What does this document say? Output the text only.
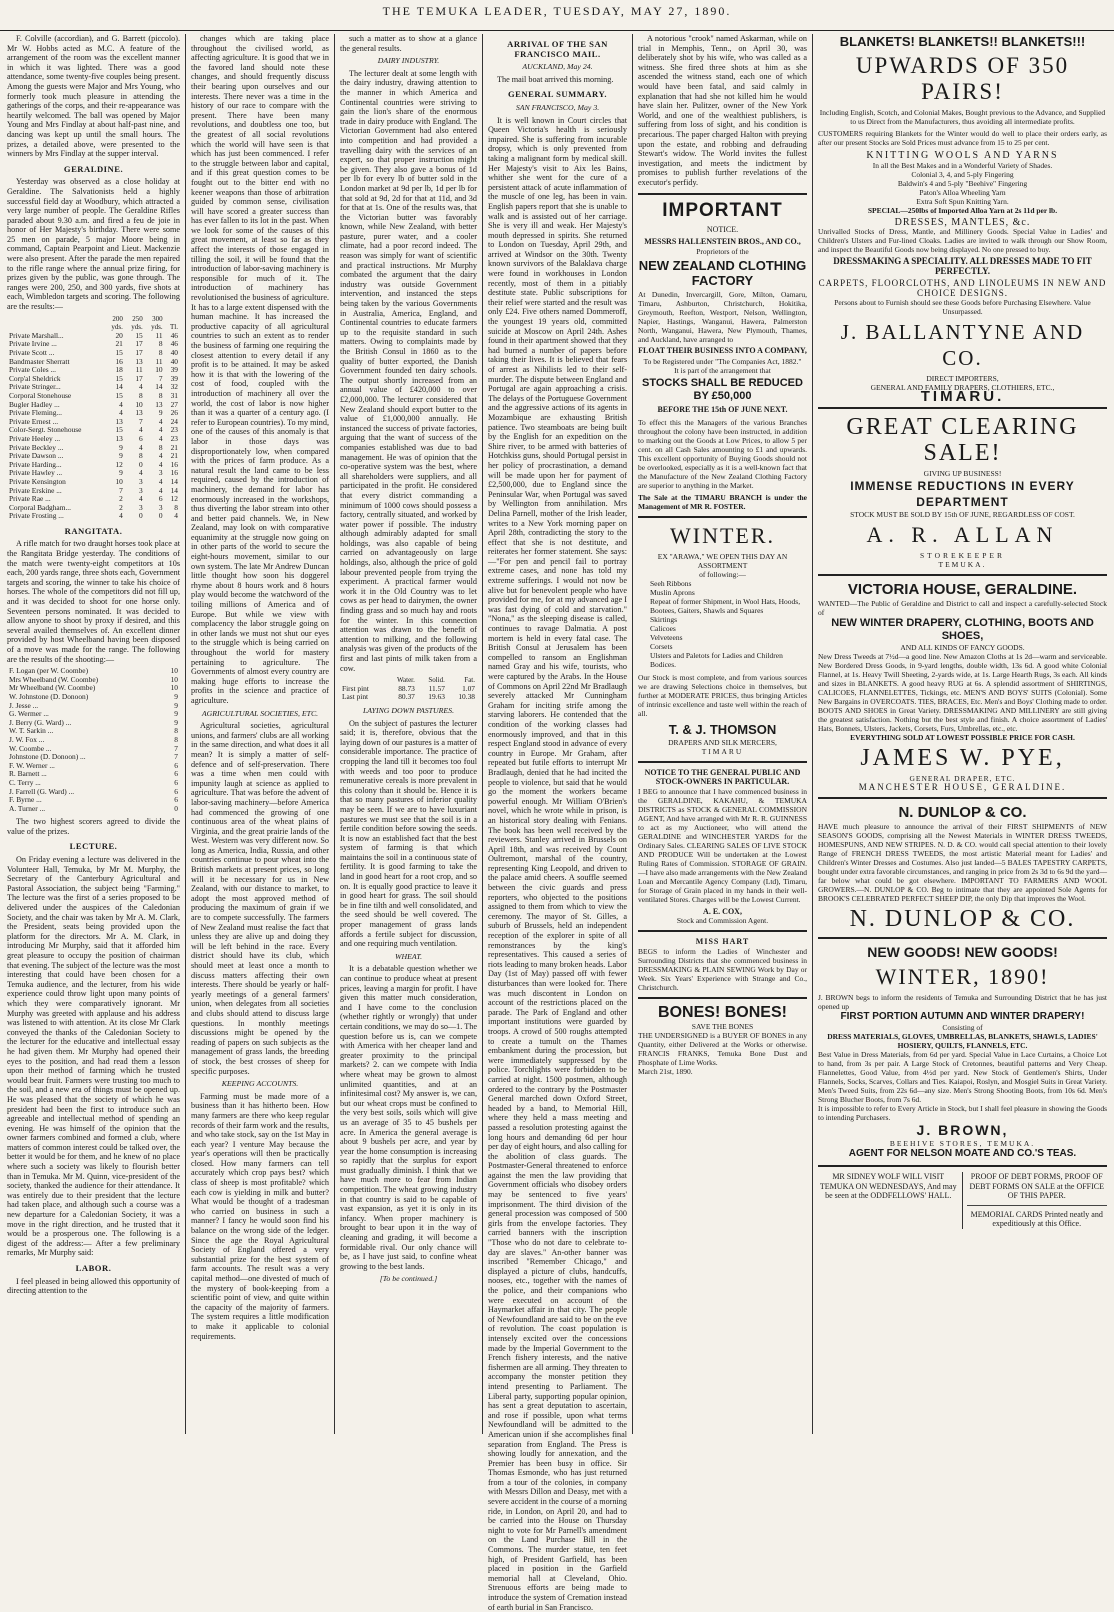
THE TEMUKA LEADER, TUESDAY, MAY 27, 1890.

F. Colville (accordian), and G. Barrett (piccolo). Mr W. Hobbs acted as M.C. A feature of the arrangement of the room was the excellent manner in which it was lighted. There was a good attendance, some twenty-five couples being present. Among the guests were Major and Mrs Young, who formerly took much pleasure in attending the gatherings of the corps, and their re-appearance was heartily welcomed. The ball was opened by Major Young and Mrs Findlay at about half-past nine, and dancing was kept up until the small hours. The prizes, a detailed above, were presented to the winners by Mrs Findlay at the supper interval.

GERALDINE.

Yesterday was observed as a close holiday at Geraldine. The Salvationists held a highly successful field day at Woodbury, which attracted a very large number of people. The Geraldine Rifles paraded about 9.30 a.m. and fired a feu de joie in honor of Her Majesty's birthday. There were some 25 men on parade, 5 major Moore being in command, Captain Pearpoint and Lieut. Mackenzie were also present. After the parade the men repaired to the rifle range where the annual prize firing, for prizes given by the public, was gone through. The ranges were 200, 250, and 300 yards, five shots at each, Wimbledon targets and scoring. The following are the results:—

	200	250	300	
	yds.	yds.	yds.	Tl.
Private Marshall...	20	15	11	46
Private Irvine ...	21	17	8	46
Private Scott ...	15	17	8	40
Bandmaster Sherratt	16	13	11	40
Private Coles ...	18	11	10	39
Corp'al Sheldrick	15	17	7	39
Private Stringer...	14	4	14	32
Corporal Stonehouse	15	8	8	31
Bugler Hadley ...	4	10	13	27
Private Fleming...	4	13	9	26
Private Ernest ...	13	7	4	24
Color-Sergt. Stonehouse	15	4	4	23
Private Heeley ...	13	6	4	23
Private Beckley ...	9	4	8	21
Private Dawson ...	9	8	4	21
Private Harding...	12	0	4	16
Private Hawley ...	9	4	3	16
Private Kensington	10	3	4	14
Private Erskine ...	7	3	4	14
Private Rae ...	2	4	6	12
Corporal Badgham...	2	3	3	8
Private Frosting ...	4	0	0	4
RANGITATA.

A rifle match for two draught horses took place at the Rangitata Bridge yesterday. The conditions of the match were twenty-eight competitors at 10s each, 200 yards range, three shots each, Government targets and scoring, the winner to take his choice of horses. The whole of the competitors did not fill up, and it was decided to shoot for one horse only. Seventeen persons nominated. It was decided to allow anyone to shoot by proxy if desired, and this several availed themselves of. An excellent dinner provided by host Wheelband having been disposed of a move was made for the range. The following are the results of the shooting:—

F. Logan (per W. Coombe)	10
Mrs Wheelband (W. Coombe)	10
Mr Wheelband (W. Coombe)	10
W. Johnstone (D. Donoon)	9
J. Jesse ...	9
G. Wermer ...	9
J. Berry (G. Ward) ...	9
W. T. Sarkin ...	8
J. W. Fox ...	8
W. Coombe ...	7
Johnstone (D. Donoon) ...	7
F. W. Werner ...	6
R. Barnett ...	6
C. Terry ...	6
J. Farrell (G. Ward) ...	6
F. Byrne ...	6
A. Turner ...	0

The two highest scorers agreed to divide the value of the prizes.

LECTURE.

On Friday evening a lecture was delivered in the Volunteer Hall, Temuka, by Mr M. Murphy, the Secretary of the Canterbury Agricultural and Pastoral Association, the subject being "Farming." The lecture was the first of a series proposed to be delivered under the auspices of the Caledonian Society, and the chair was taken by Mr A. M. Clark, the President, seats being provided upon the platform for the directors. Mr A. M. Clark, in introducing Mr Murphy, said that it afforded him great pleasure to occupy the position of chairman that evening. The subject of the lecture was the most interesting that could have been chosen for a Temuka audience, and the lecturer, from his wide experience could throw light upon many points of which they were comparatively ignorant. Mr Murphy was greeted with applause and his address was listened to with attention. At its close Mr Clark conveyed the thanks of the Caledonian Society to the lecturer for the educative and intellectual essay he had given them. Mr Murphy had opened their eyes to the position, and had read them a lesson upon their method of farming which he trusted would bear fruit. Farmers were trusting too much to the soil, and a new era of things must be opened up. He was pleased that the society of which he was president had been the first to introduce such an agreeable and intellectual method of spending an evening. He was himself of the opinion that the owner farmers combined and formed a club, where matters of common interest could be talked over, the better it would be for them, and he knew of no place where such a society was likely to flourish better than in Temuka. Mr M. Quinn, vice-president of the society, thanked the audience for their attendance. It was entirely due to their president that the lecture had taken place, and although such a course was a new departure for a Caledonian Society, it was a move in the right direction, and he trusted that it would be a prosperous one. The following is a digest of the address:— After a few preliminary remarks, Mr Murphy said:

LABOR.

I feel pleased in being allowed this opportunity of directing attention to the

changes which are taking place throughout the civilised world, as affecting agriculture. It is good that we in the favored land should note these changes, and should frequently discuss their bearing upon ourselves and our interests. There never was a time in the history of our race to compare with the present. There have been many revolutions, and doubtless one too, but the greatest of all social revolutions which the world will have seen is that which has just been commenced. I refer to the struggle between labor and capital, and if this great question comes to be fought out to the bitter end with no keener weapons than those of arbitration guided by common sense, civilisation will have scored a greater success than has ever fallen to its lot in the past. When we look for some of the causes of this great movement, at least so far as they affect the interests of those engaged in tilling the soil, it will be found that the introduction of labor-saving machinery is responsible for much of it. The introduction of machinery has revolutionised the business of agriculture. It has to a large extent dispensed with the human machine. It has increased the productive capacity of all agricultural countries to such an extent as to render the business of farming one requiring the closest attention to every detail if any profit is to be attained. It may be asked how it is that with the lowering of the cost of food, coupled with the introduction of machinery all over the world, the cost of labor is now higher than it was a quarter of a century ago. (I refer to European countries). To my mind, one of the causes of this anomaly is that labor in those days was disproportionately low, when compared with the prices of farm produce. As a natural result the land came to be less required, caused by the introduction of machinery, the demand for labor has enormously increased in the workshops, thus diverting the labor stream into other and better paid channels. We, in New Zealand, may look on with comparative equanimity at the struggle now going on in other parts of the world to secure the eight-hours movement, similar to our own system. The late Mr Andrew Duncan little thought how soon his doggerel rhyme about 8 hours work and 8 hours play would become the watchword of the toiling millions of America and of Europe. But while we view with complacency the labor struggle going on in other lands we must not shut our eyes to the struggle which is being carried on throughout the world for mastery pertaining to agriculture. The Governments of almost every country are making huge efforts to increase the profits in the science and practice of agriculture.

AGRICULTURAL SOCIETIES, ETC.

Agricultural societies, agricultural unions, and farmers' clubs are all working in the same direction, and what does it all mean? It is simply a matter of self-defence and of self-preservation. There was a time when men could with impunity laugh at science as applied to agriculture. That was before the advent of labor-saving machinery—before America had commenced the growing of one continuous area of the wheat plains of Virginia, and the great prairie lands of the West. Western was very different now. So long as America, India, Russia, and other countries continue to pour wheat into the British markets at present prices, so long will it be necessary for us in New Zealand, with our distance to market, to adopt the most approved method of producing the maximum of grain if we are to compete successfully. The farmers of New Zealand must realise the fact that unless they are alive up and doing they will be left behind in the race. Every district should have its club, which should meet at least once a month to discuss matters affecting their own interests. There should be yearly or half-yearly meetings of a general farmers' union, when delegates from all societies and clubs should attend to discuss large questions. In monthly meetings discussions might be opened by the reading of papers on such subjects as the management of grass lands, the breeding of stock, the best crosses of sheep for specific purposes.

KEEPING ACCOUNTS.

Farming must be made more of a business than it has hitherto been. How many farmers are there who keep regular records of their farm work and the results, and who take stock, say on the 1st May in each year? I venture May because the year's operations will then be practically closed. How many farmers can tell accurately which crop pays best? which class of sheep is most profitable? which each cow is yielding in milk and butter? What would be thought of a tradesman who carried on business in such a manner? I fancy he would soon find his balance on the wrong side of the ledger. Since the age the Royal Agricultural Society of England offered a very substantial prize for the best system of farm accounts. The result was a very capital method—one divested of much of the mystery of book-keeping from a scientific point of view, and quite within the capacity of the majority of farmers. The system requires a little modification to make it applicable to colonial requirements.

such a matter as to show at a glance the general results.

DAIRY INDUSTRY.

The lecturer dealt at some length with the dairy industry, drawing attention to the manner in which America and Continental countries were striving to gain the lion's share of the enormous trade in dairy produce with England. The Victorian Government had also entered into competition and had provided a travelling dairy with the services of an expert, so that proper instruction might be given. They also gave a bonus of 1d per lb for every lb of butter sold in the London market at 9d per lb, 1d per lb for that sold at 9d, 2d for that at 11d, and 3d for that at 1s. One of the results was, that the Victorian butter was favorably known, while New Zealand, with better pasture, purer water, and a cooler climate, had a poor record indeed. The reason was simply for want of scientific and practical instructions. Mr Murphy combated the argument that the dairy industry was outside Government intervention, and instanced the steps being taken by the various Governments in Australia, America, England, and Continental countries to educate farmers up to the requisite standard in such matters. Owing to complaints made by the British Consul in 1860 as to the quality of butter exported, the Danish Government founded ten dairy schools. The output shortly increased from an annual value of £420,000 to over £2,000,000. The lecturer considered that New Zealand should export butter to the value of £1,000,000 annually. He instanced the success of private factories, arguing that the want of success of the companies established was due to bad management. He was of opinion that the co-operative system was the best, where all shareholders were suppliers, and all participated in the profit. He considered that every district commanding a minimum of 1000 cows should possess a factory, centrally situated, and worked by water power if possible. The industry although admirably adapted for small holdings, was also capable of being carried on advantageously on large holdings, also, although the price of gold labour prevented people from trying the experiment. A practical farmer would work it in the Old Country was to let cows as per head to dairymen, the owner finding grass and so much hay and roots for the winter. In this connection attention was drawn to the benefit of attention to milking, and the following analysis was given of the products of the first and last pints of milk taken from a cow.

	Water.	Solid.	Fat.
First pint	88.73	11.57	1.07
Last pint	80.37	19.63	10.38
LAYING DOWN PASTURES.

On the subject of pastures the lecturer said; it is, therefore, obvious that the laying down of our pastures is a matter of considerable importance. The practice of cropping the land till it becomes too foul with weeds and too poor to produce remunerative cereals is more prevalent in this colony than it should be. Hence it is that so many pastures of inferior quality may be seen. If we are to have luxuriant pastures we must see that the soil is in a fertile condition before sowing the seeds. It is now an established fact that the best system of farming is that which maintains the soil in a continuous state of fertility. It is good farming to take the land in good heart for a root crop, and so on. It is equally good practice to leave it in good heart for grass. The soil should be in fine tilth and well consolidated, and the seed should be well covered. The proper management of grass lands affords a fertile subject for discussion, and one requiring much ventilation.

WHEAT.

It is a debatable question whether we can continue to produce wheat at present prices, leaving a margin for profit. I have given this matter much consideration, and I have come to the conclusion (whether rightly or wrongly) that under certain conditions, we may do so—1. The question before us is, can we compete with America with her cheaper land and greater proximity to the principal markets? 2. can we compete with India where wheat may be grown to almost unlimited quantities, and at an infinitesimal cost? My answer is, we can, but our wheat crops must be confined to the very best soils, soils which will give us an average of 35 to 45 bushels per acre. In America the general average is about 9 bushels per acre, and year by year the home consumption is increasing so rapidly that the surplus for export must gradually diminish. I think that we have much more to fear from Indian competition. The wheat growing industry in that country is said to be capable of vast expansion, as yet it is only in its infancy. When proper machinery is brought to bear upon it in the way of cleaning and grading, it will become a formidable rival. Our only chance will be, as I have just said, to confine wheat growing to the best lands.

[To be continued.]
ARRIVAL OF THE SAN FRANCISCO MAIL.
AUCKLAND, May 24.

The mail boat arrived this morning.

GENERAL SUMMARY.
SAN FRANCISCO, May 3.

It is well known in Court circles that Queen Victoria's health is seriously impaired. She is suffering from incurable dropsy, which is only prevented from taking a malignant form by medical skill. Her Majesty's visit to Aix les Bains, whither she went for the cure of a persistent attack of acute inflammation of the muscle of one leg, has been in vain. English papers report that she is unable to walk and is assisted out of her carriage. She is very ill and weak. Her Majesty's mouth depressed in spirits. She returned to London on Tuesday, April 29th, and arrived at Windsor on the 30th. Twenty known survivors of the Balaklava charge were found in workhouses in London recently, most of them in a pitiably destitute state. Public subscriptions for their relief were started and the result was only £24. Five others named Dommeroff, the youngest 19 years old, committed suicide at Moscow on April 24th. Ashes found in their apartment showed that they had burned a number of papers before taking their lives. It is believed that fears of arrest as Nihilists led to their self-murder. The dispute between England and Portugal are again approaching a crisis. The delays of the Portuguese Government and the aggressive actions of its agents in Mozambique are exhausting British patience. Two steamboats are being built by the English for an expedition on the Shire river, to be armed with batteries of Hotchkiss guns, should Portugal persist in her policy of procrastination, a demand will be made upon her for payment of £2,500,000, due to England since the Peninsular War, when Portugal was saved by Wellington from annihilation. Mrs Delina Parnell, mother of the Irish leader, writes to a New York morning paper on April 28th, contradicting the story to the effect that she is not destitute, and reiterates her former statement. She says:—"For pen and pencil fail to portray extreme cases, and none has told my extreme sufferings. I would not now be alive but for benevolent people who have provided for me, for at my advanced age I was fast dying of cold and starvation." "Nona," as the sleeping disease is called, continues to ravage Dalmatia. A post mortem is held in every fatal case. The British Consul at Jerusalem has been compelled to ransom an Englishman named Gray and his wife, tourists, who were captured by the Arabs. In the House of Commons on April 22nd Mr Bradlaugh severely attacked Mr Cunningham Graham for inciting strife among the starving laborers. He contended that the condition of the working classes had enormously improved, and that in this respect England stood in advance of every country in Europe. Mr Graham, after repeated but futile efforts to interrupt Mr Bradlaugh, denied that he had incited the people to violence, but said that he would go the moment the workers became powerful enough. Mr William O'Brien's novel, which he wrote while in prison, is an historical story dealing with Fenians. The book has been well received by the reviewers. Stanley arrived in Brussels on April 18th, and was received by Count Oultremont, marshal of the country, representing King Leopold, and driven to the palace amid cheers. A souffle seemed between the civic guards and press reporters, who objected to the positions assigned to them from which to view the ceremony. The mayor of St. Gilles, a suburb of Brussels, held an independent reception of the explorer in spite of all remonstrances by the king's representatives. This caused a series of riots leading to many broken heads. Labor Day (1st of May) passed off with fewer disturbances than were looked for. There was much discontent in London on account of the restrictions placed on the parade. The Park of England and other important institutions were guarded by troops. A crowd of 500 roughs attempted to create a tumult on the Thames embankment during the procession, but were immediately suppressed by the police. Torchlights were forbidden to be carried at night. 1500 postmen, although ordered to the contrary by the Postmaster General marched down Oxford Street, headed by a band, to Memorial Hill, where they held a mass meeting and passed a resolution protesting against the long hours and demanding 6d per hour per day of eight hours, and also calling for the abolition of class guards. The Postmaster-General threatened to enforce against the men the law providing that Government officials who disobey orders may be sentenced to five years' imprisonment. The third division of the general procession was composed of 500 girls from the envelope factories. They carried banners with the inscription "Those who do not dare to celebrate to-day are slaves." An-other banner was inscribed "Remember Chicago," and displayed a picture of clubs, handcuffs, nooses, etc., together with the names of the police, and their companions who were executed on account of the Haymarket affair in that city. The people of Newfoundland are said to be on the eve of revolution. The coast population is intensely excited over the concessions made by the Imperial Government to the French fishery interests, and the native fishermen are all arming. They threaten to accompany the monster petition they intend presenting to Parliament. The Liberal party, supporting popular opinion, has sent a great deputation to ascertain, and rose if possible, upon what terms Newfoundland will be admitted to the American union if she accomplishes final separation from England. The Press is showing loudly for annexation, and the Premier has been busy in office. Sir Thomas Esmonde, who has just returned from a tour of the colonies, in company with Messrs Dillon and Deasy, met with a severe accident in the course of a morning ride, in London, on April 20, and had to be carried into the House on Thursday night to vote for Mr Parnell's amendment on the Land Purchase Bill in the Commons. The murder statue, ten feet high, of President Garfield, has been placed in position in the Garfield memorial hall at Cleveland, Ohio. Strenuous efforts are being made to introduce the system of Cremation instead of earth burial in San Francisco.

A notorious "crook" named Askarman, while on trial in Memphis, Tenn., on April 30, was deliberately shot by his wife, who was called as a witness. She fired three shots at him as she ascended the witness stand, each one of which would have been fatal, and said calmly in explanation that had she not killed him he would have slain her. Pulitzer, owner of the New York World, and one of the wealthiest publishers, is suffering from loss of sight, and his condition is precarious. The paper charged Halton with preying upon the estate, and robbing and defrauding Stewart's widow. The World invites the fullest investigation, and meets the indictment by promises to publish further revelations of the executor's perfidy.

IMPORTANT
NOTICE.
MESSRS HALLENSTEIN BROS., AND CO.,
Proprietors of the
NEW ZEALAND CLOTHING FACTORY
At Dunedin, Invercargill, Gore, Milton, Oamaru, Timaru, Ashburton, Christchurch, Hokitika, Greymouth, Reefton, Westport, Nelson, Wellington, Napier, Hastings, Wanganui, Hawera, Palmerston North, Wanganui, Hawera, New Plymouth, Thames, and Auckland, have arranged to
FLOAT THEIR BUSINESS INTO A COMPANY,
To be Registered under "The Companies Act, 1882."
It is part of the arrangement that
STOCKS SHALL BE REDUCED BY £50,000
BEFORE THE 15th OF JUNE NEXT.
To effect this the Managers of the various Branches throughout the colony have been instructed, in addition to marking out the Goods at Low Prices, to allow 5 per cent. on all Cash Sales amounting to £1 and upwards. This excellent opportunity of Buying Goods should not be overlooked, especially as it is a well-known fact that the Manufacture of the New Zealand Clothing Factory are superior to anything in the Market.
The Sale at the TIMARU BRANCH is under the Management of MR R. FOSTER.
WINTER.
EX "ARAWA," WE OPEN THIS DAY AN ASSORTMENT
of following:—
Seeh Ribbons
Muslin Aprons
Repeat of former Shipment, in Wool Hats, Hoods, Bootees, Gaiters, Shawls and Squares
Skirtings
Calicoes
Velveteens
Corsets
Ulsters and Paletots for Ladies and Children
Bodices.
Our Stock is most complete, and from various sources we are drawing Selections choice in themselves, but further at MODERATE PRICES, thus bringing Articles of intrinsic excellence and taste well within the reach of all.
T. & J. THOMSON
DRAPERS AND SILK MERCERS,
TIMARU
NOTICE TO THE GENERAL PUBLIC AND STOCK-OWNERS IN PARTICULAR.
I BEG to announce that I have commenced business in the GERALDINE, KAKAHU, & TEMUKA DISTRICTS as STOCK & GENERAL COMMISSION AGENT, And have arranged with Mr R. R. GUINNESS to act as my Auctioneer, who will attend the GERALDINE and WINCHESTER YARDS for the Ordinary Sales. CLEARING SALES OF LIVE STOCK AND PRODUCE Will be undertaken at the Lowest Ruling Rates of Commission. STORAGE OF GRAIN.—I have also made arrangements with the New Zealand Loan and Mercantile Agency Company (Ltd), Timaru, for Storage of Grain placed in my hands in their well-ventilated Stores. Charges will be the Lowest Current.
A. E. COX,
Stock and Commission Agent.
MISS HART
BEGS to inform the Ladies of Winchester and Surrounding Districts that she commenced business in DRESSMAKING & PLAIN SEWING Work by Day or Week. Six Years' Experience with Strange and Co., Christchurch.
BONES! BONES!
SAVE THE BONES
THE UNDERSIGNED is a BUYER OF BONES in any Quantity, either Delivered at the Works or otherwise. FRANCIS FRANKS, Temuka Bone Dust and Phosphate of Lime Works.
March 21st, 1890.
BLANKETS! BLANKETS!! BLANKETS!!!
UPWARDS OF 350 PAIRS!
Including English, Scotch, and Colonial Makes, Bought previous to the Advance, and Supplied to us Direct from the Manufacturers, thus avoiding all intermediate profits.
CUSTOMERS requiring Blankets for the Winter would do well to place their orders early, as after our present Stocks are Sold Prices must advance from 15 to 25 per cent.
KNITTING WOOLS AND YARNS
In all the Best Makes and in a Wonderful Variety of Shades.
Colonial 3, 4, and 5-ply Fingering
Baldwin's 4 and 5-ply "Beehive" Fingering
Paton's Alloa Wheeling Yarn
Extra Soft Spun Knitting Yarn.
SPECIAL—250lbs of Imported Alloa Yarn at 2s 11d per lb.
DRESSES, MANTLES, &c.
Unrivalled Stocks of Dress, Mantle, and Millinery Goods. Special Value in Ladies' and Children's Ulsters and Fur-lined Cloaks. Ladies are invited to walk through our Show Room, and inspect the Beautiful Goods now being displayed. No one pressed to buy.
DRESSMAKING A SPECIALITY. ALL DRESSES MADE TO FIT PERFECTLY.
CARPETS, FLOORCLOTHS, AND LINOLEUMS IN NEW AND CHOICE DESIGNS.
Persons about to Furnish should see these Goods before Purchasing Elsewhere. Value Unsurpassed.
J. BALLANTYNE AND CO.
DIRECT IMPORTERS,
GENERAL AND FAMILY DRAPERS, CLOTHIERS, ETC.,
TIMARU.
GREAT CLEARING SALE!
GIVING UP BUSINESS!
IMMENSE REDUCTIONS IN EVERY DEPARTMENT
STOCK MUST BE SOLD BY 15th OF JUNE, REGARDLESS OF COST.
A. R. ALLAN
STOREKEEPER
TEMUKA.
VICTORIA HOUSE, GERALDINE.
WANTED—The Public of Geraldine and District to call and inspect a carefully-selected Stock of
NEW WINTER DRAPERY, CLOTHING, BOOTS AND SHOES,
AND ALL KINDS OF FANCY GOODS.
New Dress Tweeds at 7½d—a good line. New Amazon Cloths at 1s 2d—warm and serviceable. New Bordered Dress Goods, in 9-yard lengths, double width, 13s 6d. A good white Colonial Flannel, at 1s. Heavy Twill Sheeting, 2-yards wide, at 1s. Large Hearth Rugs, 3s each. All kinds and sizes in BLANKETS. A good heavy RUG at 6s. A splendid assortment of SHIRTINGS, CALICOES, FLANNELETTES, Tickings, etc. MEN'S AND BOYS' SUITS (Colonial). Some New Bargains in OVERCOATS. TIES, BRACES, Etc. Men's and Boys' Clothing made to order. BOOTS AND SHOES in Great Variety. DRESSMAKING AND MILLINERY are still giving the greatest satisfaction. Nothing but the best style and finish. A choice assortment of Ladies' Hats, Bonnets, Ulsters, Jackets, Corsets, Furs, Umbrellas, etc., etc.
EVERYTHING SOLD AT LOWEST POSSIBLE PRICE FOR CASH.
JAMES W. PYE,
GENERAL DRAPER, ETC.
MANCHESTER HOUSE, GERALDINE.
N. DUNLOP & CO.
HAVE much pleasure to announce the arrival of their FIRST SHIPMENTS of NEW SEASON'S GOODS, comprising all the Newest Materials in WINTER DRESS TWEEDS, HOMESPUNS, AND NEW STRIPES. N. D. & CO. would call special attention to their lovely Range of FRENCH DRESS TWEEDS, the most artistic Material meant for Ladies' and Children's Winter Dresses and Costumes. Also just landed—5 BALES TAPESTRY CARPETS, bought under extra favorable circumstances, and ranging in price from 2s 3d to 6s 9d the yard—far below what could be got elsewhere. IMPORTANT TO FARMERS AND WOOL GROWERS.—N. DUNLOP & CO. Beg to intimate that they are appointed Sole Agents for BROOK'S CELEBRATED PERFECT SHEEP DIP, the only Dip that improves the Wool.
N. DUNLOP & CO.
NEW GOODS! NEW GOODS!
WINTER, 1890!
J. BROWN begs to inform the residents of Temuka and Surrounding District that he has just opened up
FIRST PORTION AUTUMN AND WINTER DRAPERY!
Consisting of
DRESS MATERIALS, GLOVES, UMBRELLAS, BLANKETS, SHAWLS, LADIES' HOSIERY, QUILTS, FLANNELS, ETC.
Best Value in Dress Materials, from 6d per yard. Special Value in Lace Curtains, a Choice Lot to hand, from 3s per pair. A Large Stock of Cretonnes, beautiful patterns and Very Cheap. Flannelettes, Good Value, from 4½d per yard. New Stock of Gentlemen's Shirts, Under Flannels, Socks, Scarves, Collars and Ties. Kaiapoi, Roslyn, and Mosgiel Suits in Great Variety. Men's Tweed Suits, from 22s 6d—any size. Men's Strong Shooting Boots, from 10s 6d. Men's Strong Blucher Boots, from 7s 6d.
It is impossible to refer to Every Article in Stock, but I shall feel pleasure in showing the Goods to intending Purchasers.
J. BROWN,
BEEHIVE STORES, TEMUKA.
AGENT FOR NELSON MOATE AND CO.'S TEAS.
MR SIDNEY WOLF WILL VISIT TEMUKA ON WEDNESDAYS, And may be seen at the ODDFELLOWS' HALL.
PROOF OF DEBT FORMS, PROOF OF DEBT FORMS ON SALE at the OFFICE OF THIS PAPER.
MEMORIAL CARDS Printed neatly and expeditiously at this Office.
